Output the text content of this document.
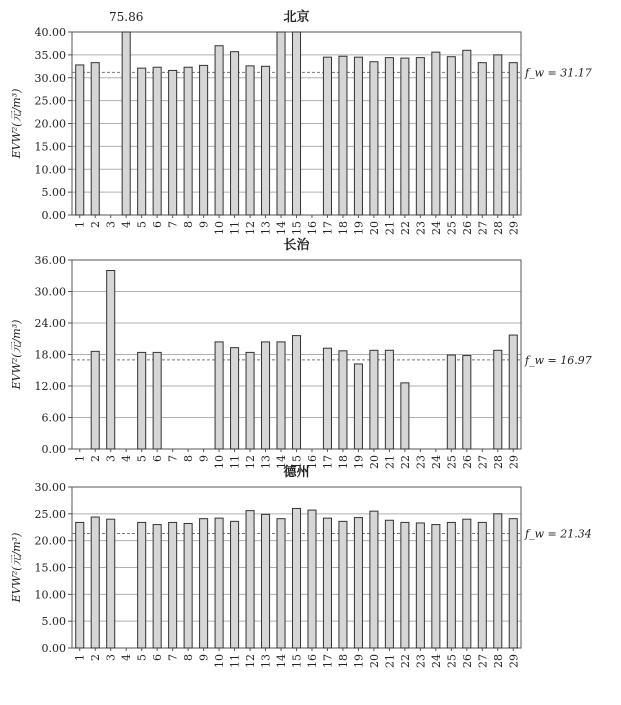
0.00
5.00
10.00
15.00
20.00
25.00
30.00
35.00
40.00
f_w = 31.17
1 2 3 4 5 6 7 8 9 10 11 12 13 14 15 16 17 18 19 20 21 22 23 24 25 26 27 28 29
75.86	北京
EVW²(元/m³)
0.00
6.00
12.00
18.00
24.00
30.00
36.00
f_w = 16.97
1 2 3 4 5 6 7 8 9 10 11 12 13 14 15 16 17 18 19 20 21 22 23 24 25 26 27 28 29
长治
EVW²(元/m³)
0.00
5.00
10.00
15.00
20.00
25.00
30.00
f_w = 21.34
1 2 3 4 5 6 7 8 9 10 11 12 13 14 15 16 17 18 19 20 21 22 23 24 25 26 27 28 29
德州
EVW²(元/m³)
